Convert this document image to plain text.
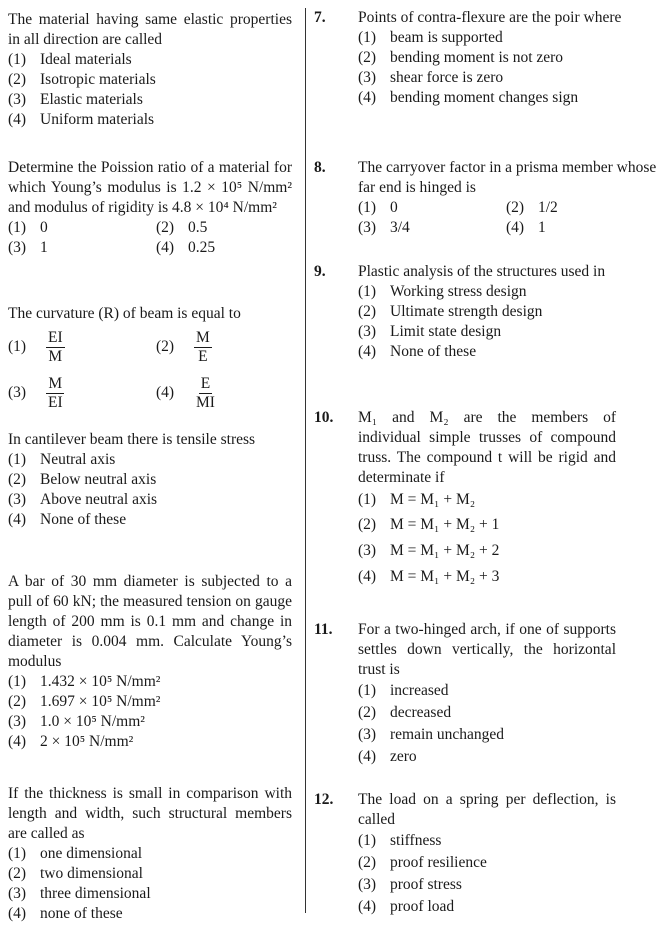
The material having same elastic properties in all direction are called
(1) Ideal materials
(2) Isotropic materials
(3) Elastic materials
(4) Uniform materials
Determine the Poission ratio of a material for which Young’s modulus is 1.2 × 10⁵ N/mm² and modulus of rigidity is 4.8 × 10⁴ N/mm²
(1) 0	(2) 0.5
(3) 1	(4) 0.25
The curvature (R) of beam is equal to
(1)	$\frac{EI}{M}$	(2)	$\frac{M}{E}$
(3)	$\frac{M}{EI}$	(4)	$\frac{E}{MI}$
In cantilever beam there is tensile stress
(1) Neutral axis
(2) Below neutral axis
(3) Above neutral axis
(4) None of these
A bar of 30 mm diameter is subjected to a pull of 60 kN; the measured tension on gauge length of 200 mm is 0.1 mm and change in diameter is 0.004 mm. Calculate Young’s modulus
(1) 1.432 × 10⁵ N/mm²
(2) 1.697 × 10⁵ N/mm²
(3) 1.0 × 10⁵ N/mm²
(4) 2 × 10⁵ N/mm²
If the thickness is small in comparison with length and width, such structural members are called as
(1) one dimensional
(2) two dimensional
(3) three dimensional
(4) none of these
7. Points of contra-flexure are the poir where
(1) beam is supported
(2) bending moment is not zero
(3) shear force is zero
(4) bending moment changes sign
8. The carryover factor in a prisma member whose far end is hinged is
(1) 0	(2) 1/2
(3) 3/4	(4) 1
9. Plastic analysis of the structures used in
(1) Working stress design
(2) Ultimate strength design
(3) Limit state design
(4) None of these
10. M₁ and M₂ are the members of individual simple trusses of compound truss. The compound t will be rigid and determinate if
(1) M = M₁ + M₂
(2) M = M₁ + M₂ + 1
(3) M = M₁ + M₂ + 2
(4) M = M₁ + M₂ + 3
11. For a two-hinged arch, if one of supports settles down vertically, the horizontal trust is
(1) increased
(2) decreased
(3) remain unchanged
(4) zero
12. The load on a spring per deflection, is called
(1) stiffness
(2) proof resilience
(3) proof stress
(4) proof load
